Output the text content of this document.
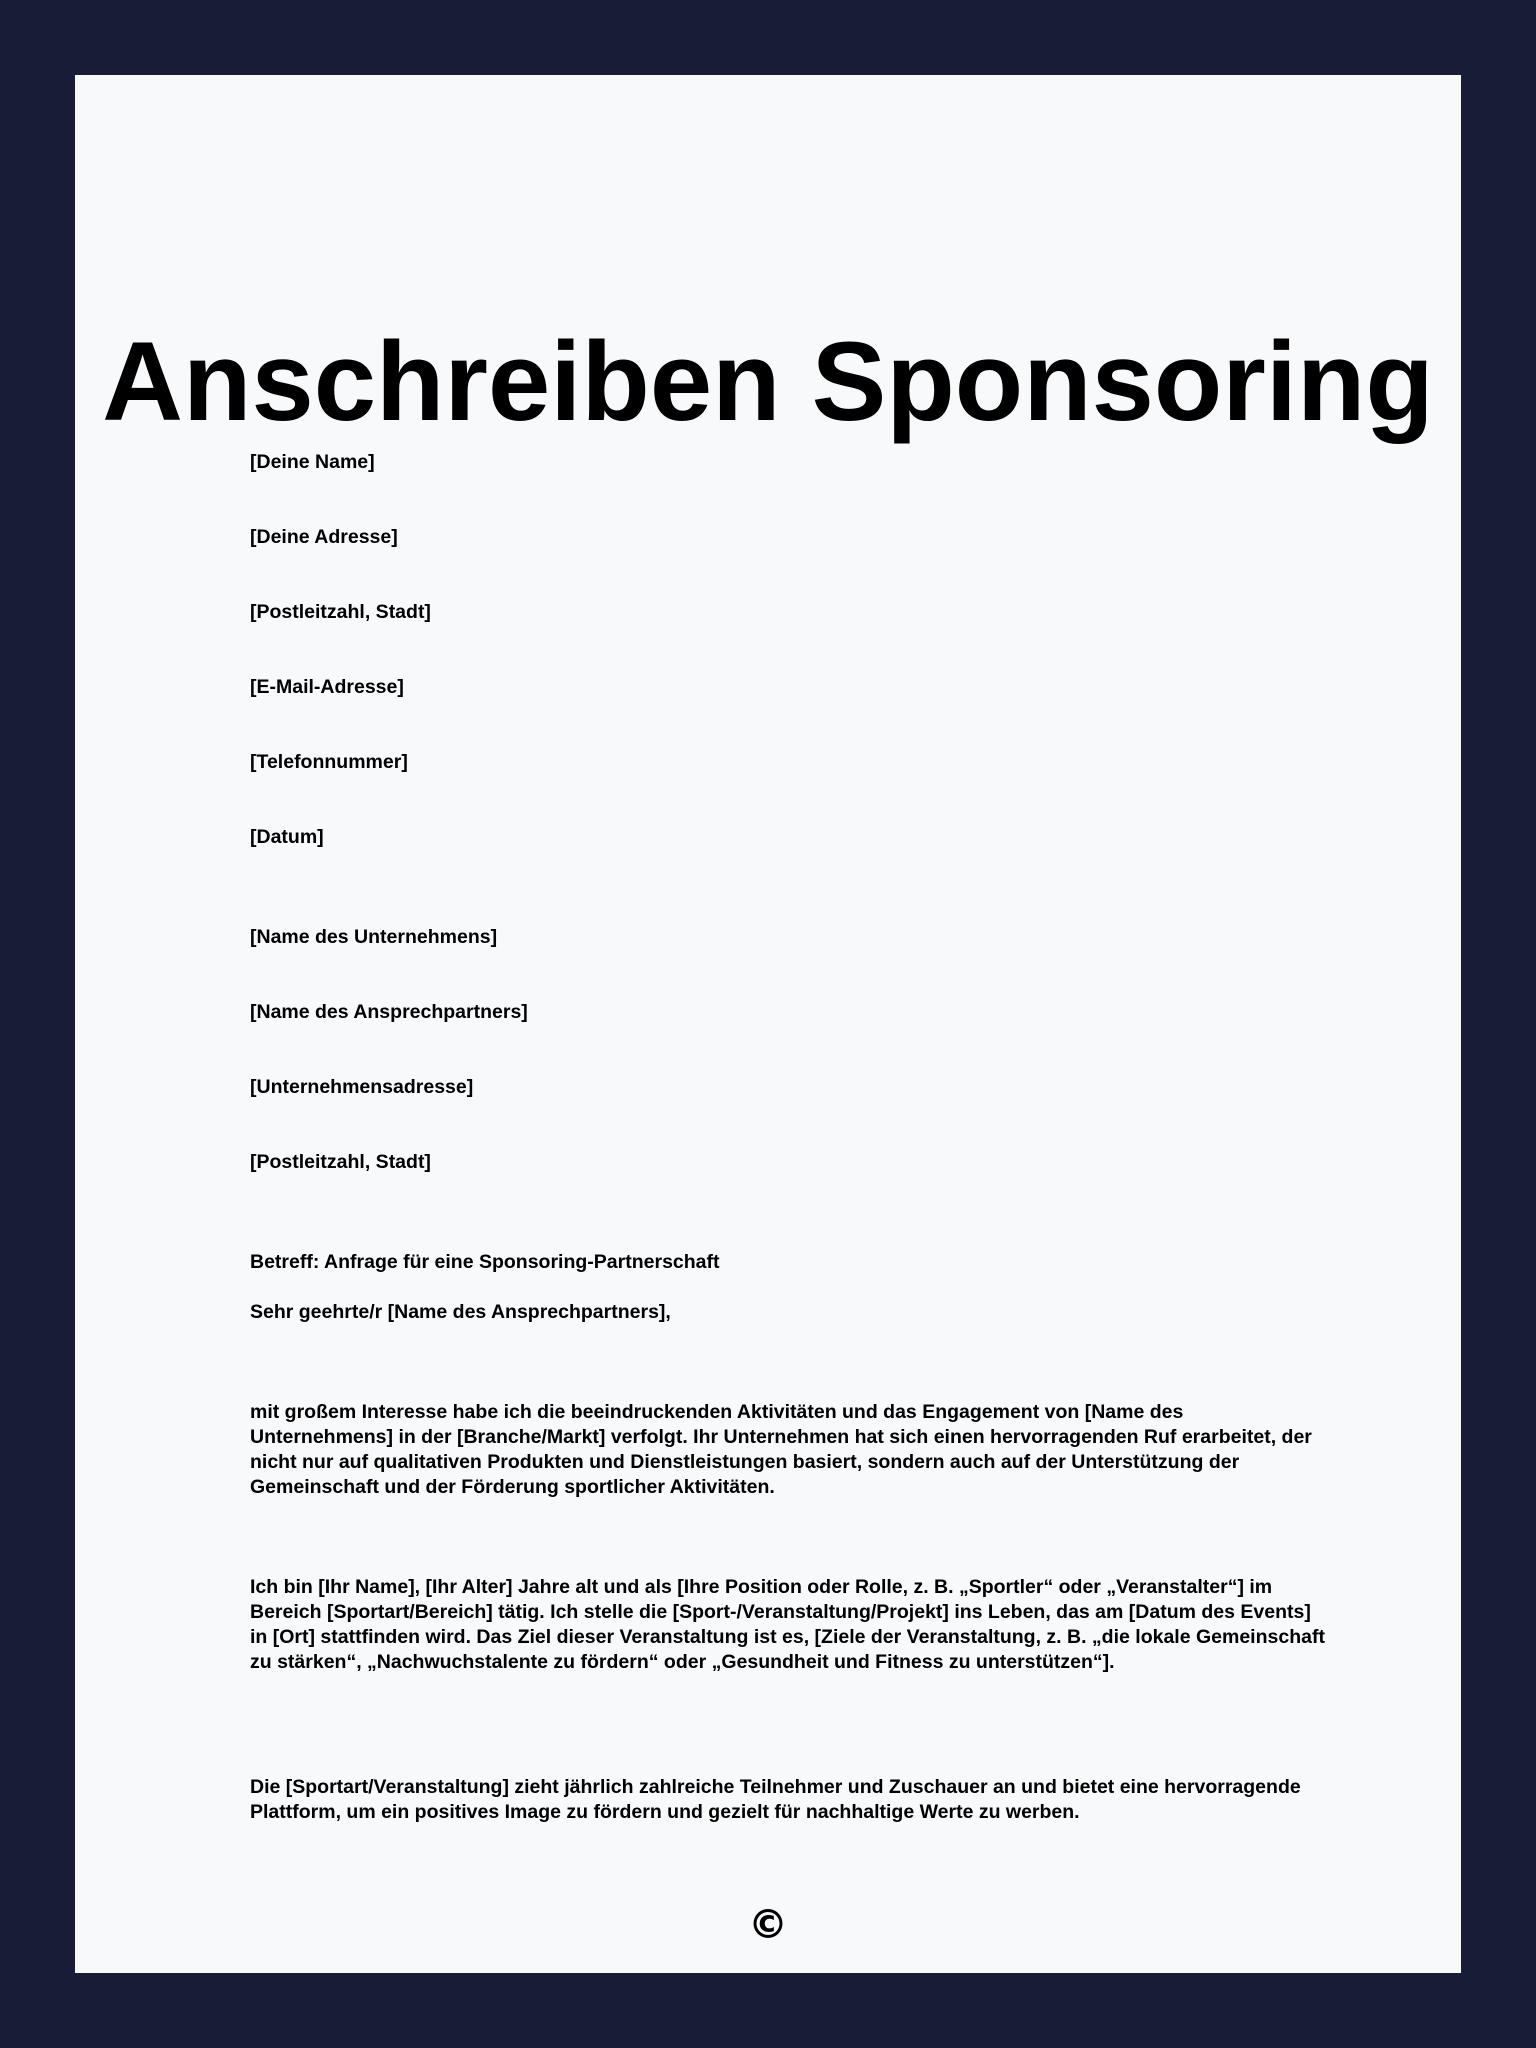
Anschreiben Sponsoring

[Deine Name]

[Deine Adresse]

[Postleitzahl, Stadt]

[E-Mail-Adresse]

[Telefonnummer]

[Datum]

[Name des Unternehmens]

[Name des Ansprechpartners]

[Unternehmensadresse]

[Postleitzahl, Stadt]

Betreff: Anfrage für eine Sponsoring-Partnerschaft

Sehr geehrte/r [Name des Ansprechpartners],

mit großem Interesse habe ich die beeindruckenden Aktivitäten und das Engagement von [Name des Unternehmens] in der [Branche/Markt] verfolgt. Ihr Unternehmen hat sich einen hervorragenden Ruf erarbeitet, der nicht nur auf qualitativen Produkten und Dienstleistungen basiert, sondern auch auf der Unterstützung der Gemeinschaft und der Förderung sportlicher Aktivitäten.

Ich bin [Ihr Name], [Ihr Alter] Jahre alt und als [Ihre Position oder Rolle, z. B. „Sportler“ oder „Veranstalter“] im Bereich [Sportart/Bereich] tätig. Ich stelle die [Sport-/Veranstaltung/Projekt] ins Leben, das am [Datum des Events] in [Ort] stattfinden wird. Das Ziel dieser Veranstaltung ist es, [Ziele der Veranstaltung, z. B. „die lokale Gemeinschaft zu stärken“, „Nachwuchstalente zu fördern“ oder „Gesundheit und Fitness zu unterstützen“].

Die [Sportart/Veranstaltung] zieht jährlich zahlreiche Teilnehmer und Zuschauer an und bietet eine hervorragende Plattform, um ein positives Image zu fördern und gezielt für nachhaltige Werte zu werben.

©
